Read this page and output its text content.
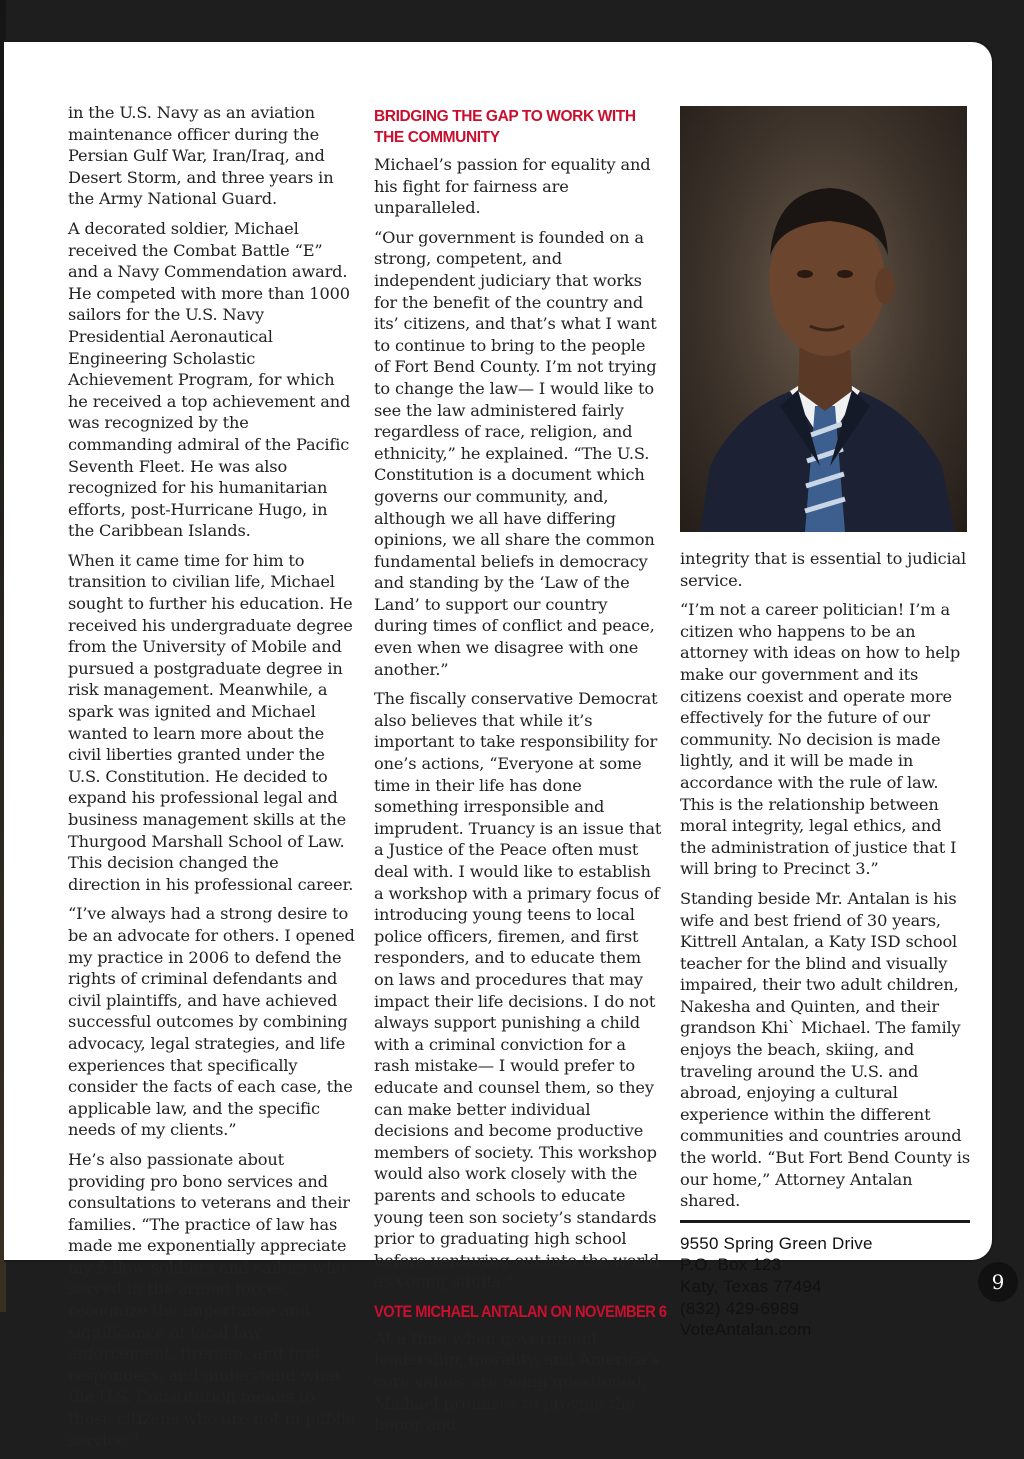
in the U.S. Navy as an aviation maintenance officer during the Persian Gulf War, Iran/Iraq, and Desert Storm, and three years in the Army National Guard.

A decorated soldier, Michael received the Combat Battle “E” and a Navy Commendation award. He competed with more than 1000 sailors for the U.S. Navy Presidential Aeronautical Engineering Scholastic Achievement Program, for which he received a top achievement and was recognized by the commanding admiral of the Pacific Seventh Fleet. He was also recognized for his humanitarian efforts, post-Hurricane Hugo, in the Caribbean Islands.

When it came time for him to transition to civilian life, Michael sought to further his education. He received his undergraduate degree from the University of Mobile and pursued a postgraduate degree in risk management. Meanwhile, a spark was ignited and Michael wanted to learn more about the civil liberties granted under the U.S. Constitution. He decided to expand his professional legal and business management skills at the Thurgood Marshall School of Law. This decision changed the direction in his professional career.

“I’ve always had a strong desire to be an advocate for others. I opened my practice in 2006 to defend the rights of criminal defendants and civil plaintiffs, and have achieved successful outcomes by combining advocacy, legal strategies, and life experiences that specifically consider the facts of each case, the applicable law, and the specific needs of my clients.”

He’s also passionate about providing pro bono services and consultations to veterans and their families. “The practice of law has made me exponentially appreciate my fellow soldiers and sailors who served in the armed forces, recognize the importance and significance of local law enforcement, fireman, and first responders, and understand what the U.S. Constitution means to those citizens who are not in public service.”

BRIDGING THE GAP TO WORK WITH THE COMMUNITY

Michael’s passion for equality and his fight for fairness are unparalleled.

“Our government is founded on a strong, competent, and independent judiciary that works for the benefit of the country and its’ citizens, and that’s what I want to continue to bring to the people of Fort Bend County. I’m not trying to change the law— I would like to see the law administered fairly regardless of race, religion, and ethnicity,” he explained. “The U.S. Constitution is a document which governs our community, and, although we all have differing opinions, we all share the common fundamental beliefs in democracy and standing by the ‘Law of the Land’ to support our country during times of conflict and peace, even when we disagree with one another.”

The fiscally conservative Democrat also believes that while it’s important to take responsibility for one’s actions, “Everyone at some time in their life has done something irresponsible and imprudent. Truancy is an issue that a Justice of the Peace often must deal with. I would like to establish a workshop with a primary focus of introducing young teens to local police officers, firemen, and first responders, and to educate them on laws and procedures that may impact their life decisions. I do not always support punishing a child with a criminal conviction for a rash mistake— I would prefer to educate and counsel them, so they can make better individual decisions and become productive members of society. This workshop would also work closely with the parents and schools to educate young teen son society’s standards prior to graduating high school before venturing out into the world as young adults.”

VOTE MICHAEL ANTALAN ON NOVEMBER 6

At a time when government leadership, morality, and America’s core values are being questioned, Michael promises to provide the honor and

integrity that is essential to judicial service.

“I’m not a career politician! I’m a citizen who happens to be an attorney with ideas on how to help make our government and its citizens coexist and operate more effectively for the future of our community. No decision is made lightly, and it will be made in accordance with the rule of law. This is the relationship between moral integrity, legal ethics, and the administration of justice that I will bring to Precinct 3.”

Standing beside Mr. Antalan is his wife and best friend of 30 years, Kittrell Antalan, a Katy ISD school teacher for the blind and visually impaired, their two adult children, Nakesha and Quinten, and their grandson Khi` Michael. The family enjoys the beach, skiing, and traveling around the U.S. and abroad, enjoying a cultural experience within the different communities and countries around the world. “But Fort Bend County is our home,” Attorney Antalan shared.

9550 Spring Green Drive
P.O. Box 123
Katy, Texas 77494
(832) 429-6989
VoteAntalan.com
9
